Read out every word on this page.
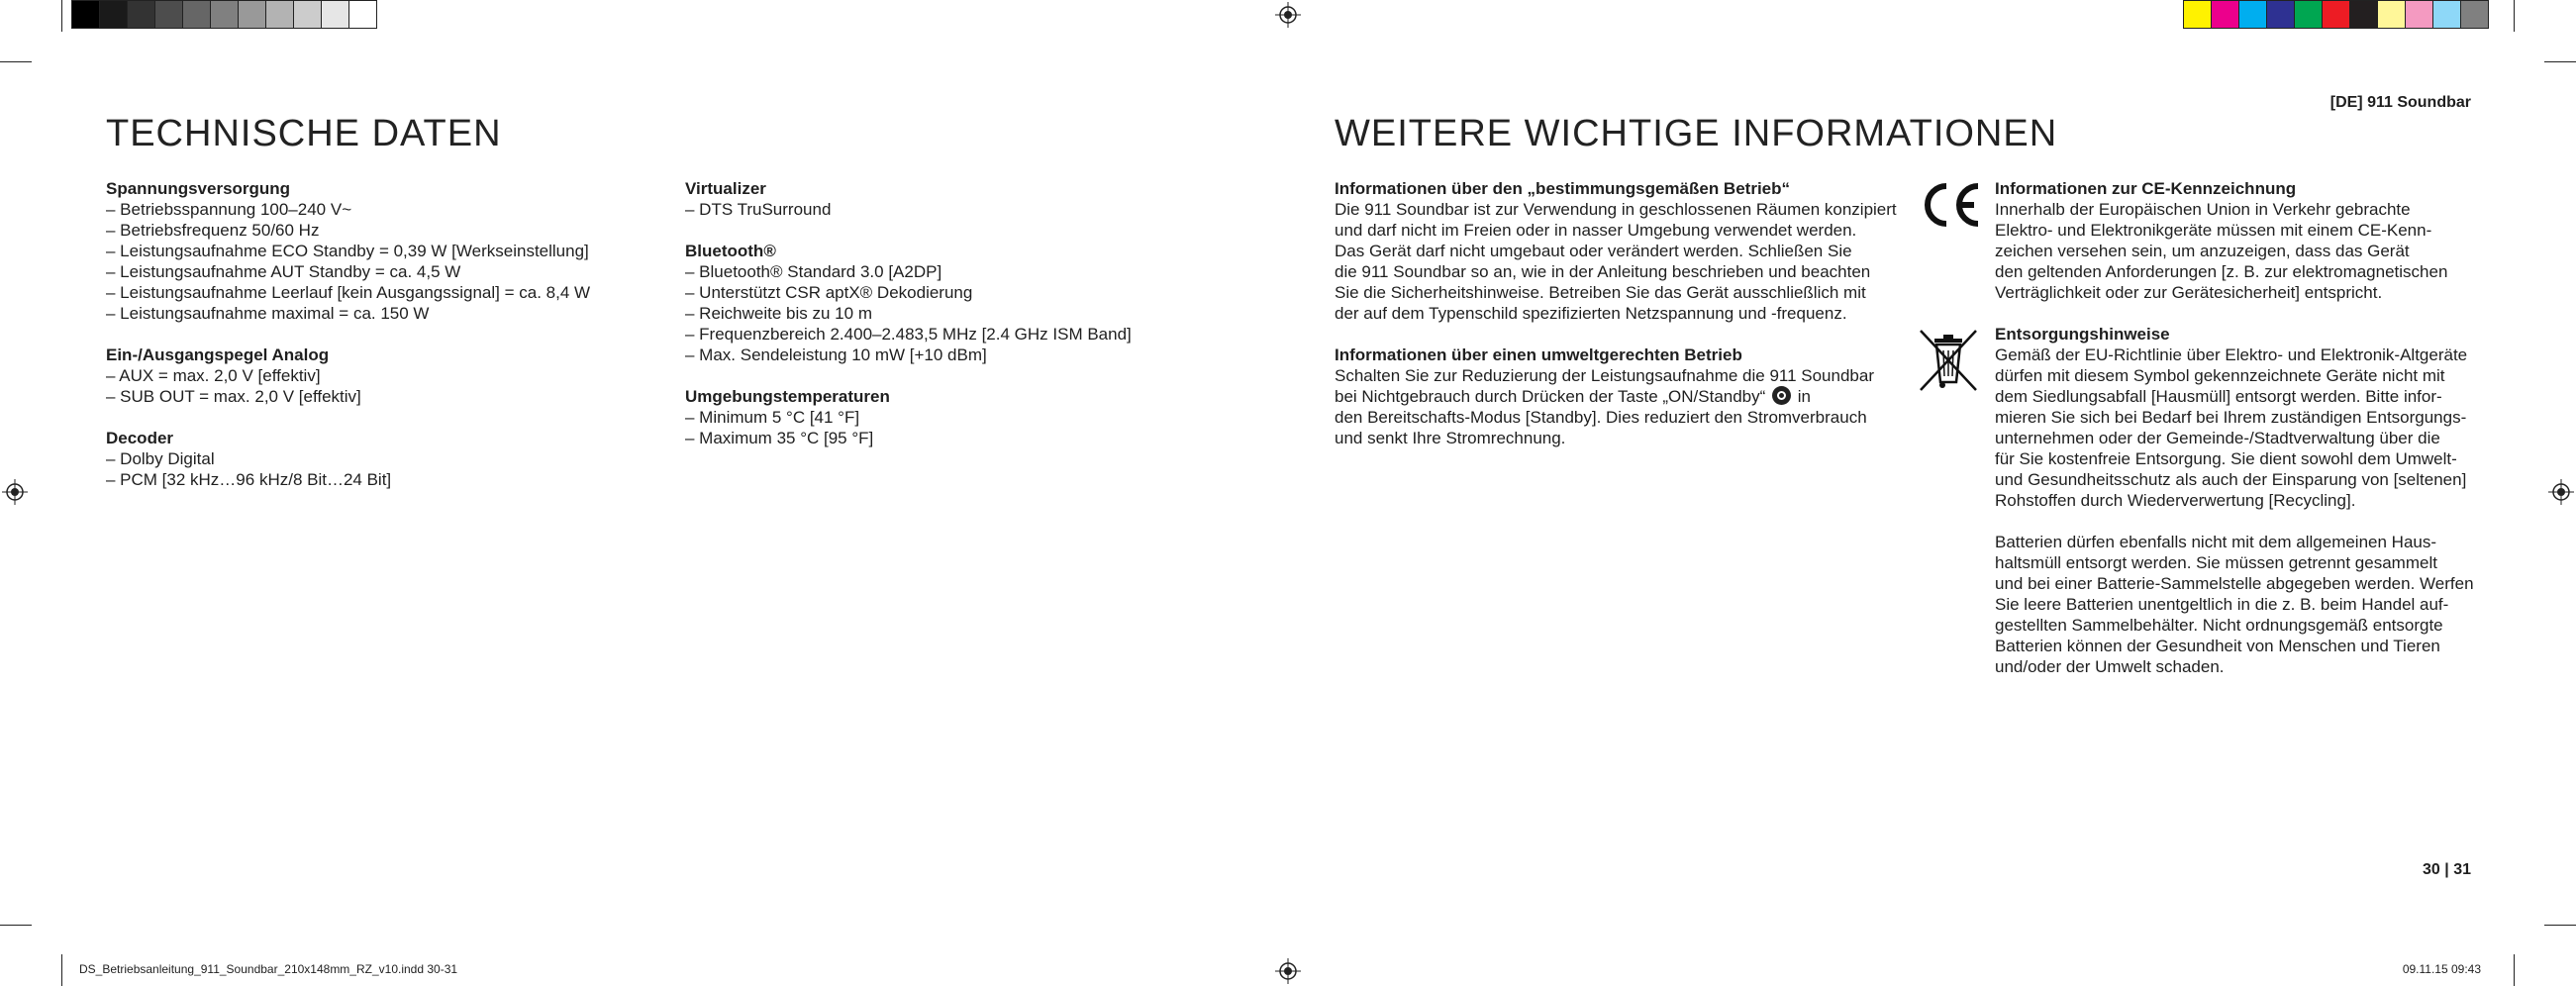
[DE] 911 Soundbar
TECHNISCHE DATEN
Spannungsversorgung
– Betriebsspannung 100–240 V~
– Betriebsfrequenz 50/60 Hz
– Leistungsaufnahme ECO Standby = 0,39 W [Werkseinstellung]
– Leistungsaufnahme AUT Standby = ca. 4,5 W
– Leistungsaufnahme Leerlauf [kein Ausgangssignal] = ca. 8,4 W
– Leistungsaufnahme maximal = ca. 150 W
Ein-/Ausgangspegel Analog
– AUX = max. 2,0 V [effektiv]
– SUB OUT = max. 2,0 V [effektiv]
Decoder
– Dolby Digital
– PCM [32 kHz…96 kHz/8 Bit…24 Bit]
Virtualizer
– DTS TruSurround
Bluetooth®
– Bluetooth® Standard 3.0 [A2DP]
– Unterstützt CSR aptX® Dekodierung
– Reichweite bis zu 10 m
– Frequenzbereich 2.400–2.483,5 MHz [2.4 GHz ISM Band]
– Max. Sendeleistung 10 mW [+10 dBm]
Umgebungstemperaturen
– Minimum 5 °C [41 °F]
– Maximum 35 °C [95 °F]
WEITERE WICHTIGE INFORMATIONEN
Informationen über den „bestimmungsgemäßen Betrieb“
Die 911 Soundbar ist zur Verwendung in geschlossenen Räumen konzipiert
und darf nicht im Freien oder in nasser Umgebung verwendet werden.
Das Gerät darf nicht umgebaut oder verändert werden. Schließen Sie
die 911 Soundbar so an, wie in der Anleitung beschrieben und beachten
Sie die Sicherheitshinweise. Betreiben Sie das Gerät ausschließlich mit
der auf dem Typenschild spezifizierten Netzspannung und -frequenz.
Informationen über einen umweltgerechten Betrieb
Schalten Sie zur Reduzierung der Leistungsaufnahme die 911 Soundbar
bei Nichtgebrauch durch Drücken der Taste „ON/Standby“ in
den Bereitschafts-Modus [Standby]. Dies reduziert den Stromverbrauch
und senkt Ihre Stromrechnung.
Informationen zur CE-Kennzeichnung
Innerhalb der Europäischen Union in Verkehr gebrachte
Elektro- und Elektronikgeräte müssen mit einem CE-Kenn-
zeichen versehen sein, um anzuzeigen, dass das Gerät
den geltenden Anforderungen [z. B. zur elektromagnetischen
Verträglichkeit oder zur Gerätesicherheit] entspricht.
Entsorgungshinweise
Gemäß der EU-Richtlinie über Elektro- und Elektronik-Altgeräte
dürfen mit diesem Symbol gekennzeichnete Geräte nicht mit
dem Siedlungsabfall [Hausmüll] entsorgt werden. Bitte infor-
mieren Sie sich bei Bedarf bei Ihrem zuständigen Entsorgungs-
unternehmen oder der Gemeinde-/Stadtverwaltung über die
für Sie kostenfreie Entsorgung. Sie dient sowohl dem Umwelt-
und Gesundheitsschutz als auch der Einsparung von [seltenen]
Rohstoffen durch Wiederverwertung [Recycling].
Batterien dürfen ebenfalls nicht mit dem allgemeinen Haus-
haltsmüll entsorgt werden. Sie müssen getrennt gesammelt
und bei einer Batterie-Sammelstelle abgegeben werden. Werfen
Sie leere Batterien unentgeltlich in die z. B. beim Handel auf-
gestellten Sammelbehälter. Nicht ordnungsgemäß entsorgte
Batterien können der Gesundheit von Menschen und Tieren
und/oder der Umwelt schaden.
30 | 31
DS_Betriebsanleitung_911_Soundbar_210x148mm_RZ_v10.indd 30-31	09.11.15 09:43
